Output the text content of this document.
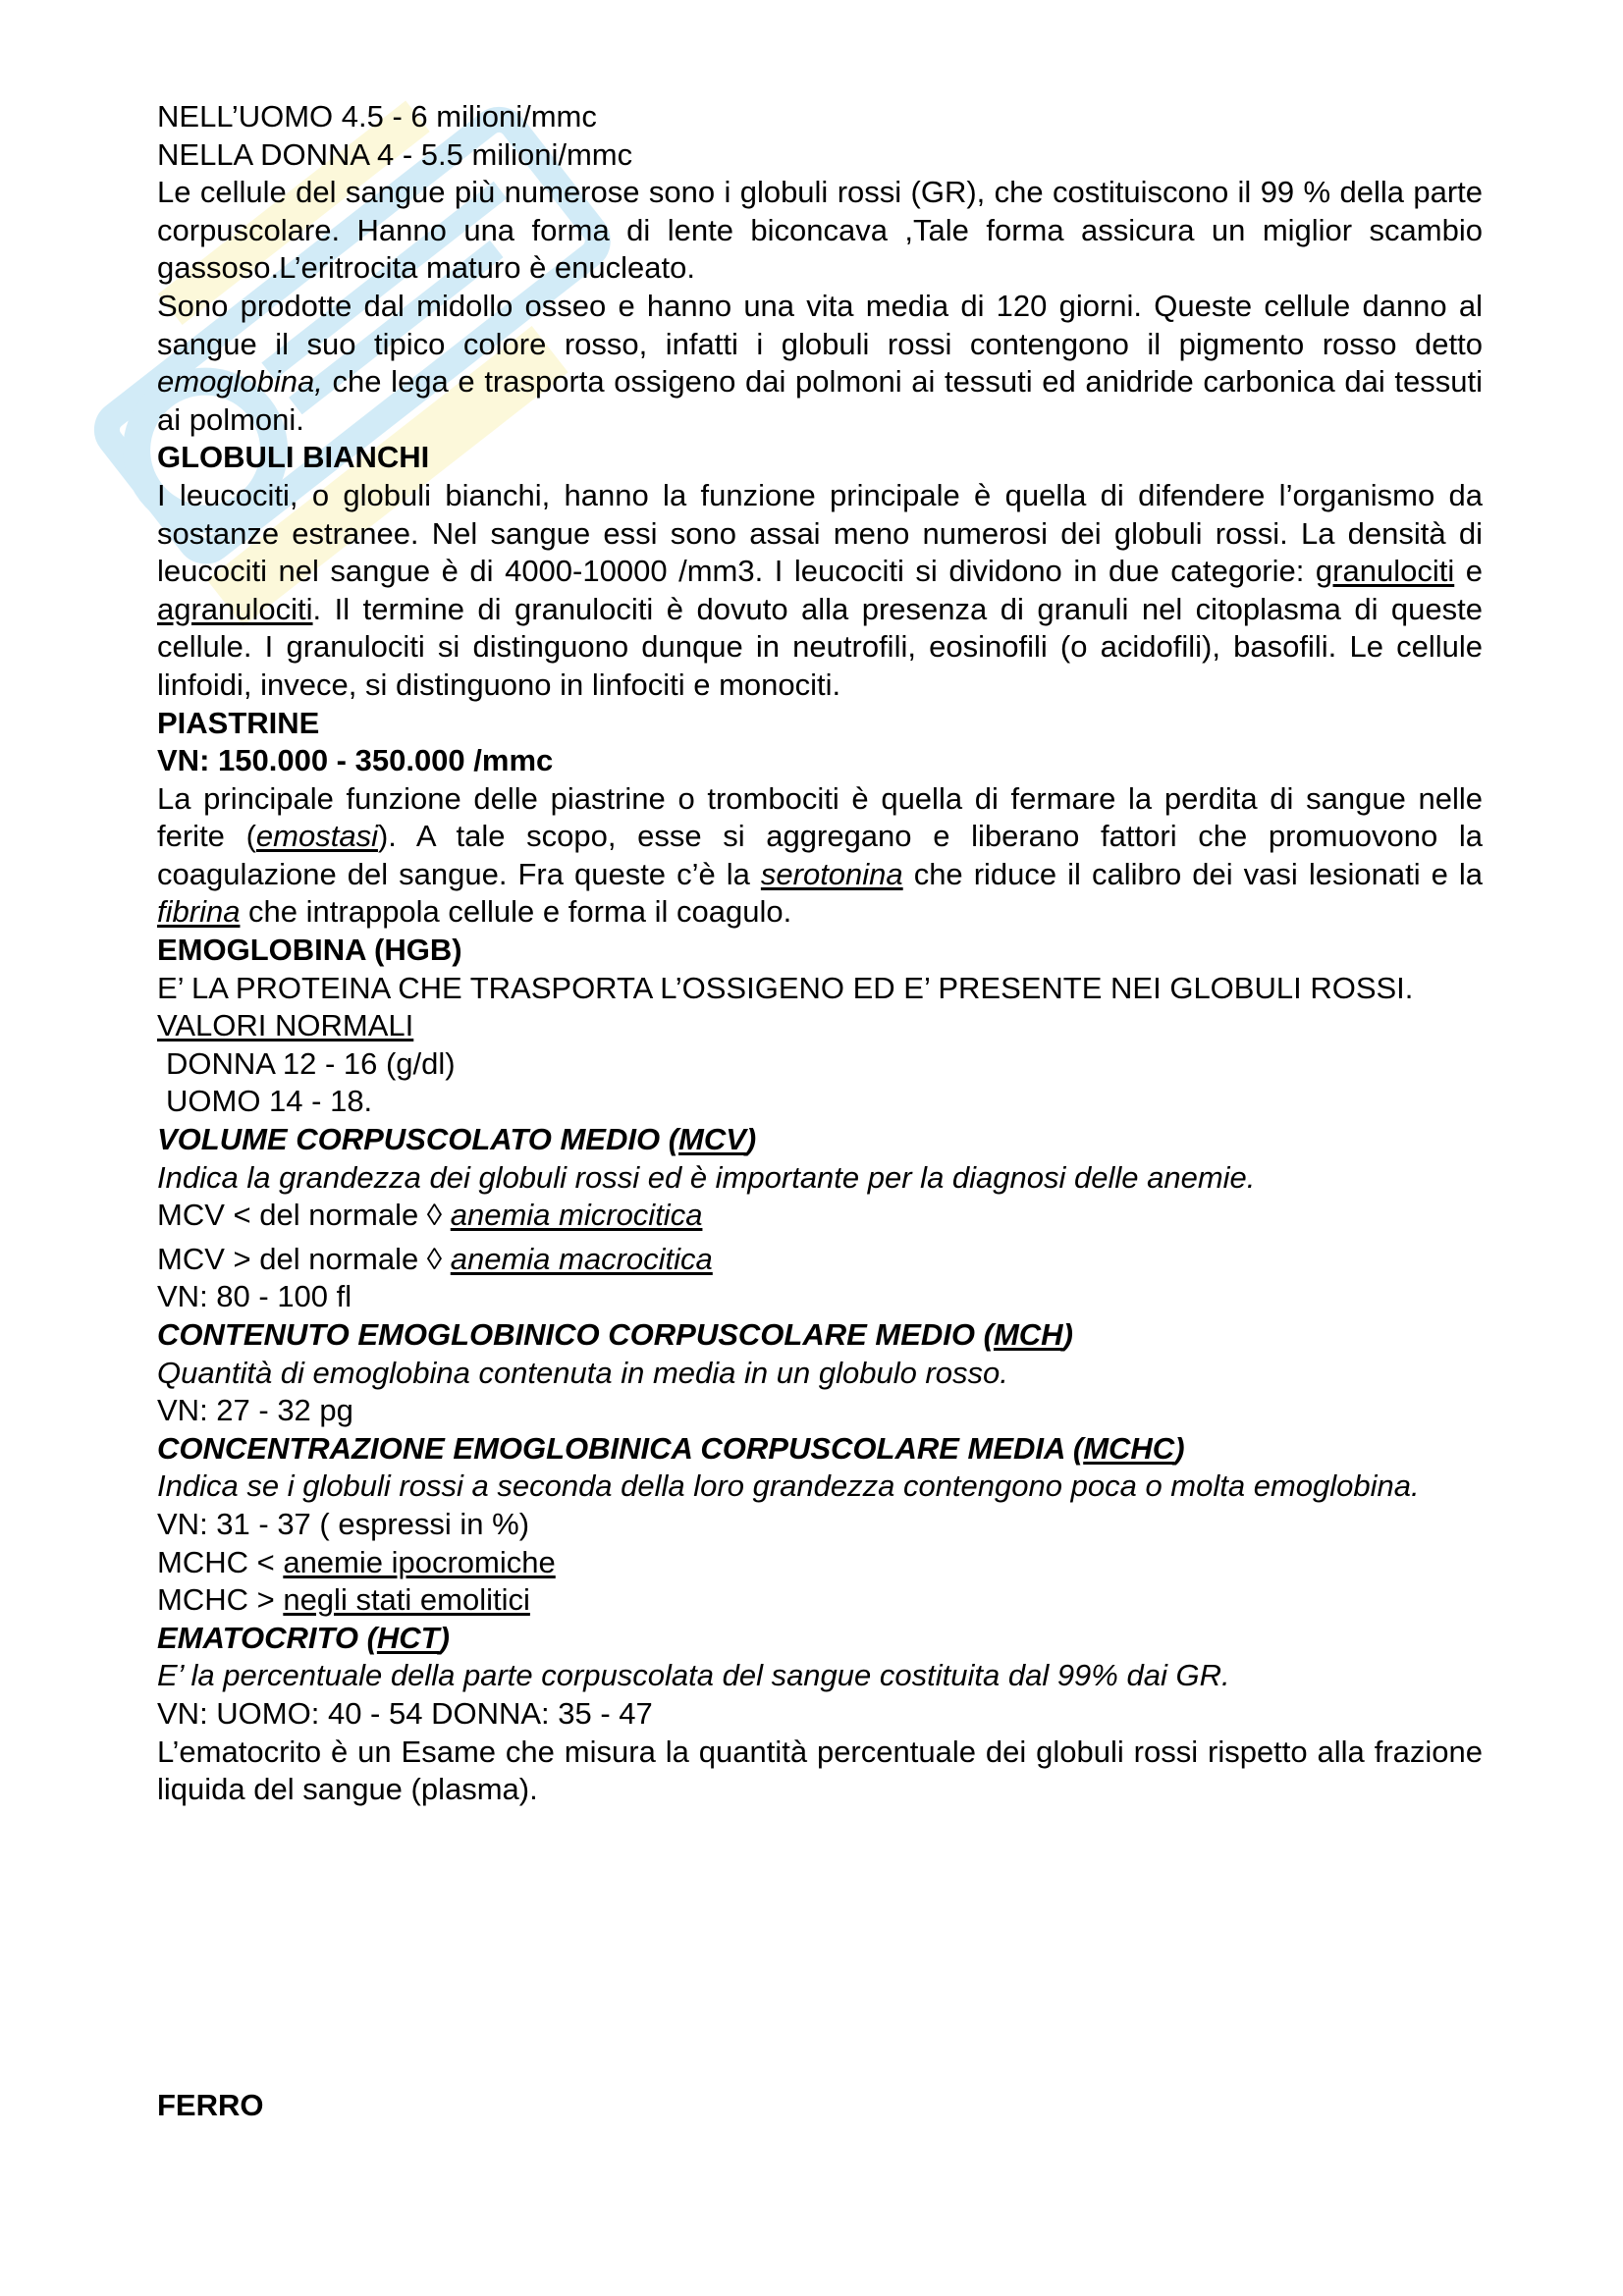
NELL’UOMO 4.5 - 6 milioni/mmc

NELLA DONNA 4 - 5.5 milioni/mmc

Le cellule del sangue più numerose sono i globuli rossi (GR), che costituiscono il 99 % della parte corpuscolare. Hanno una forma di lente biconcava ,Tale forma assicura un miglior scambio gassoso.L’eritrocita maturo è enucleato.

Sono prodotte dal midollo osseo e hanno una vita media di 120 giorni. Queste cellule danno al sangue il suo tipico colore rosso, infatti i globuli rossi contengono il pigmento rosso detto emoglobina, che lega e trasporta ossigeno dai polmoni ai tessuti ed anidride carbonica dai tessuti ai polmoni.

GLOBULI BIANCHI

I leucociti, o globuli bianchi, hanno la funzione principale è quella di difendere l’organismo da sostanze estranee. Nel sangue essi sono assai meno numerosi dei globuli rossi. La densità di leucociti nel sangue è di 4000-10000 /mm3. I leucociti si dividono in due categorie: granulociti e agranulociti. Il termine di granulociti è dovuto alla presenza di granuli nel citoplasma di queste cellule. I granulociti si distinguono dunque in neutrofili, eosinofili (o acidofili), basofili. Le cellule linfoidi, invece, si distinguono in linfociti e monociti.

PIASTRINE

VN: 150.000 - 350.000 /mmc

La principale funzione delle piastrine o trombociti è quella di fermare la perdita di sangue nelle ferite (emostasi). A tale scopo, esse si aggregano e liberano fattori che promuovono la coagulazione del sangue. Fra queste c’è la serotonina che riduce il calibro dei vasi lesionati e la fibrina che intrappola cellule e forma il coagulo.

EMOGLOBINA (HGB)

E’ LA PROTEINA CHE TRASPORTA L’OSSIGENO ED E’ PRESENTE NEI GLOBULI ROSSI.

VALORI NORMALI

DONNA 12 - 16 (g/dl)

UOMO 14 - 18.

VOLUME CORPUSCOLATO MEDIO (MCV)

Indica la grandezza dei globuli rossi ed è importante per la diagnosi delle anemie.

MCV < del normale ◊ anemia microcitica

MCV > del normale ◊ anemia macrocitica

VN: 80 - 100 fl

CONTENUTO EMOGLOBINICO CORPUSCOLARE MEDIO (MCH)

Quantità di emoglobina contenuta in media in un globulo rosso.

VN: 27 - 32 pg

CONCENTRAZIONE EMOGLOBINICA CORPUSCOLARE MEDIA (MCHC)

Indica se i globuli rossi a seconda della loro grandezza contengono poca o molta emoglobina.

VN: 31 - 37 ( espressi in %)

MCHC < anemie ipocromiche

MCHC > negli stati emolitici

EMATOCRITO (HCT)

E’ la percentuale della parte corpuscolata del sangue costituita dal 99% dai GR.

VN: UOMO: 40 - 54 DONNA: 35 - 47

L’ematocrito è un Esame che misura la quantità percentuale dei globuli rossi rispetto alla frazione liquida del sangue (plasma).

FERRO
